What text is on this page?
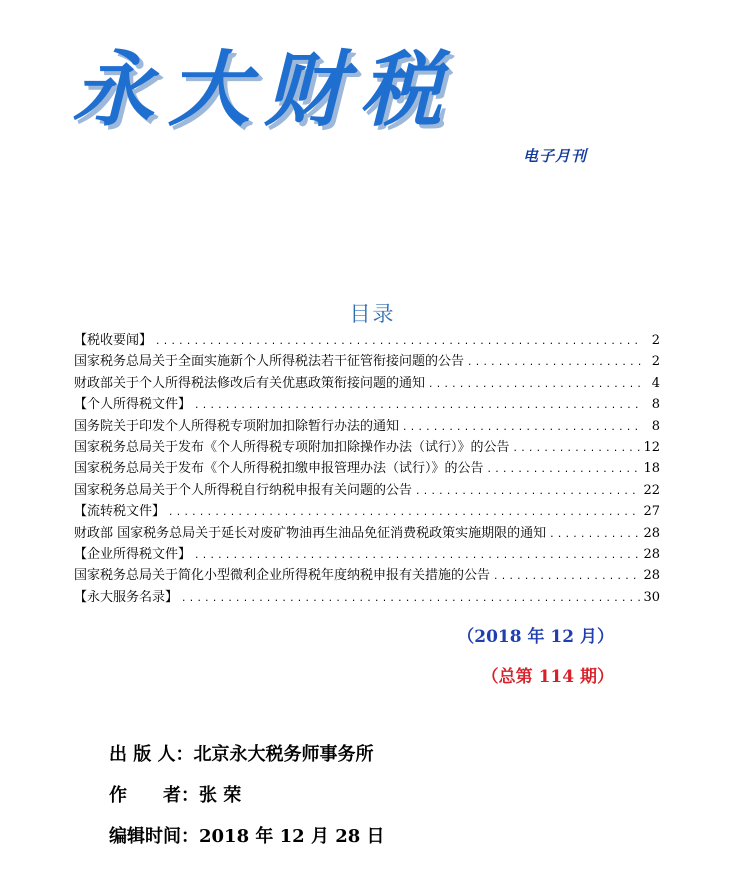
永大财税
电子月刊
目录
【税收要闻】 .....	2
国家税务总局关于全面实施新个人所得税法若干征管衔接问题的公告 .....	2
财政部关于个人所得税法修改后有关优惠政策衔接问题的通知 .....	4
【个人所得税文件】 .....	8
国务院关于印发个人所得税专项附加扣除暂行办法的通知 .....	8
国家税务总局关于发布《个人所得税专项附加扣除操作办法（试行）》的公告 .....	12
国家税务总局关于发布《个人所得税扣缴申报管理办法（试行）》的公告 .....	18
国家税务总局关于个人所得税自行纳税申报有关问题的公告 .....	22
【流转税文件】 .....	27
财政部 国家税务总局关于延长对废矿物油再生油品免征消费税政策实施期限的通知 .....	28
【企业所得税文件】 .....	28
国家税务总局关于简化小型微利企业所得税年度纳税申报有关措施的公告 .....	28
【永大服务名录】 .....	30
（2018 年 12 月）
（总第 114 期）
出 版 人：北京永大税务师事务所
作　　者：张 荣
编辑时间：2018 年 12 月 28 日
